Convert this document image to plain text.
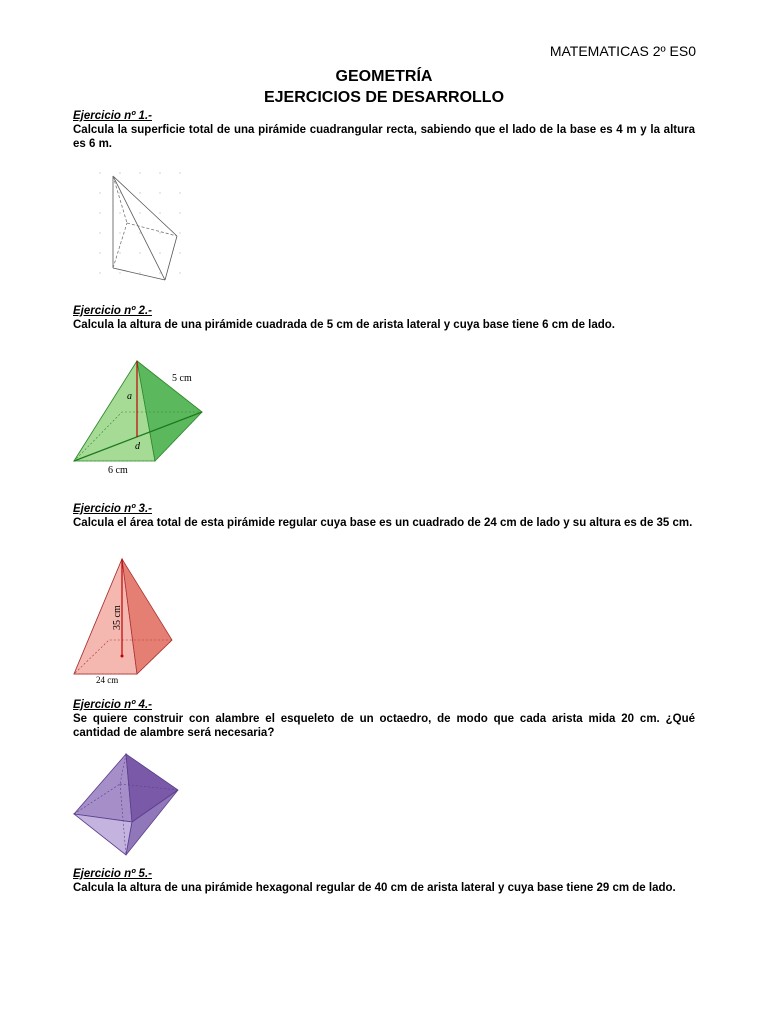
MATEMATICAS 2º ES0
GEOMETRÍA
EJERCICIOS DE DESARROLLO
Ejercicio nº 1.-
Calcula la superficie total de una pirámide cuadrangular recta, sabiendo que el lado de la base es 4 m y la altura es 6 m.
Ejercicio nº 2.-
Calcula la altura de una pirámide cuadrada de 5 cm de arista lateral y cuya base tiene 6 cm de lado.
5 cm
a
d
6 cm
Ejercicio nº 3.-
Calcula el área total de esta pirámide regular cuya base es un cuadrado de 24 cm de lado y su altura es de 35 cm.
35 cm
24 cm
Ejercicio nº 4.-
Se quiere construir con alambre el esqueleto de un octaedro, de modo que cada arista mida 20 cm. ¿Qué cantidad de alambre será necesaria?
Ejercicio nº 5.-
Calcula la altura de una pirámide hexagonal regular de 40 cm de arista lateral y cuya base tiene 29 cm de lado.
